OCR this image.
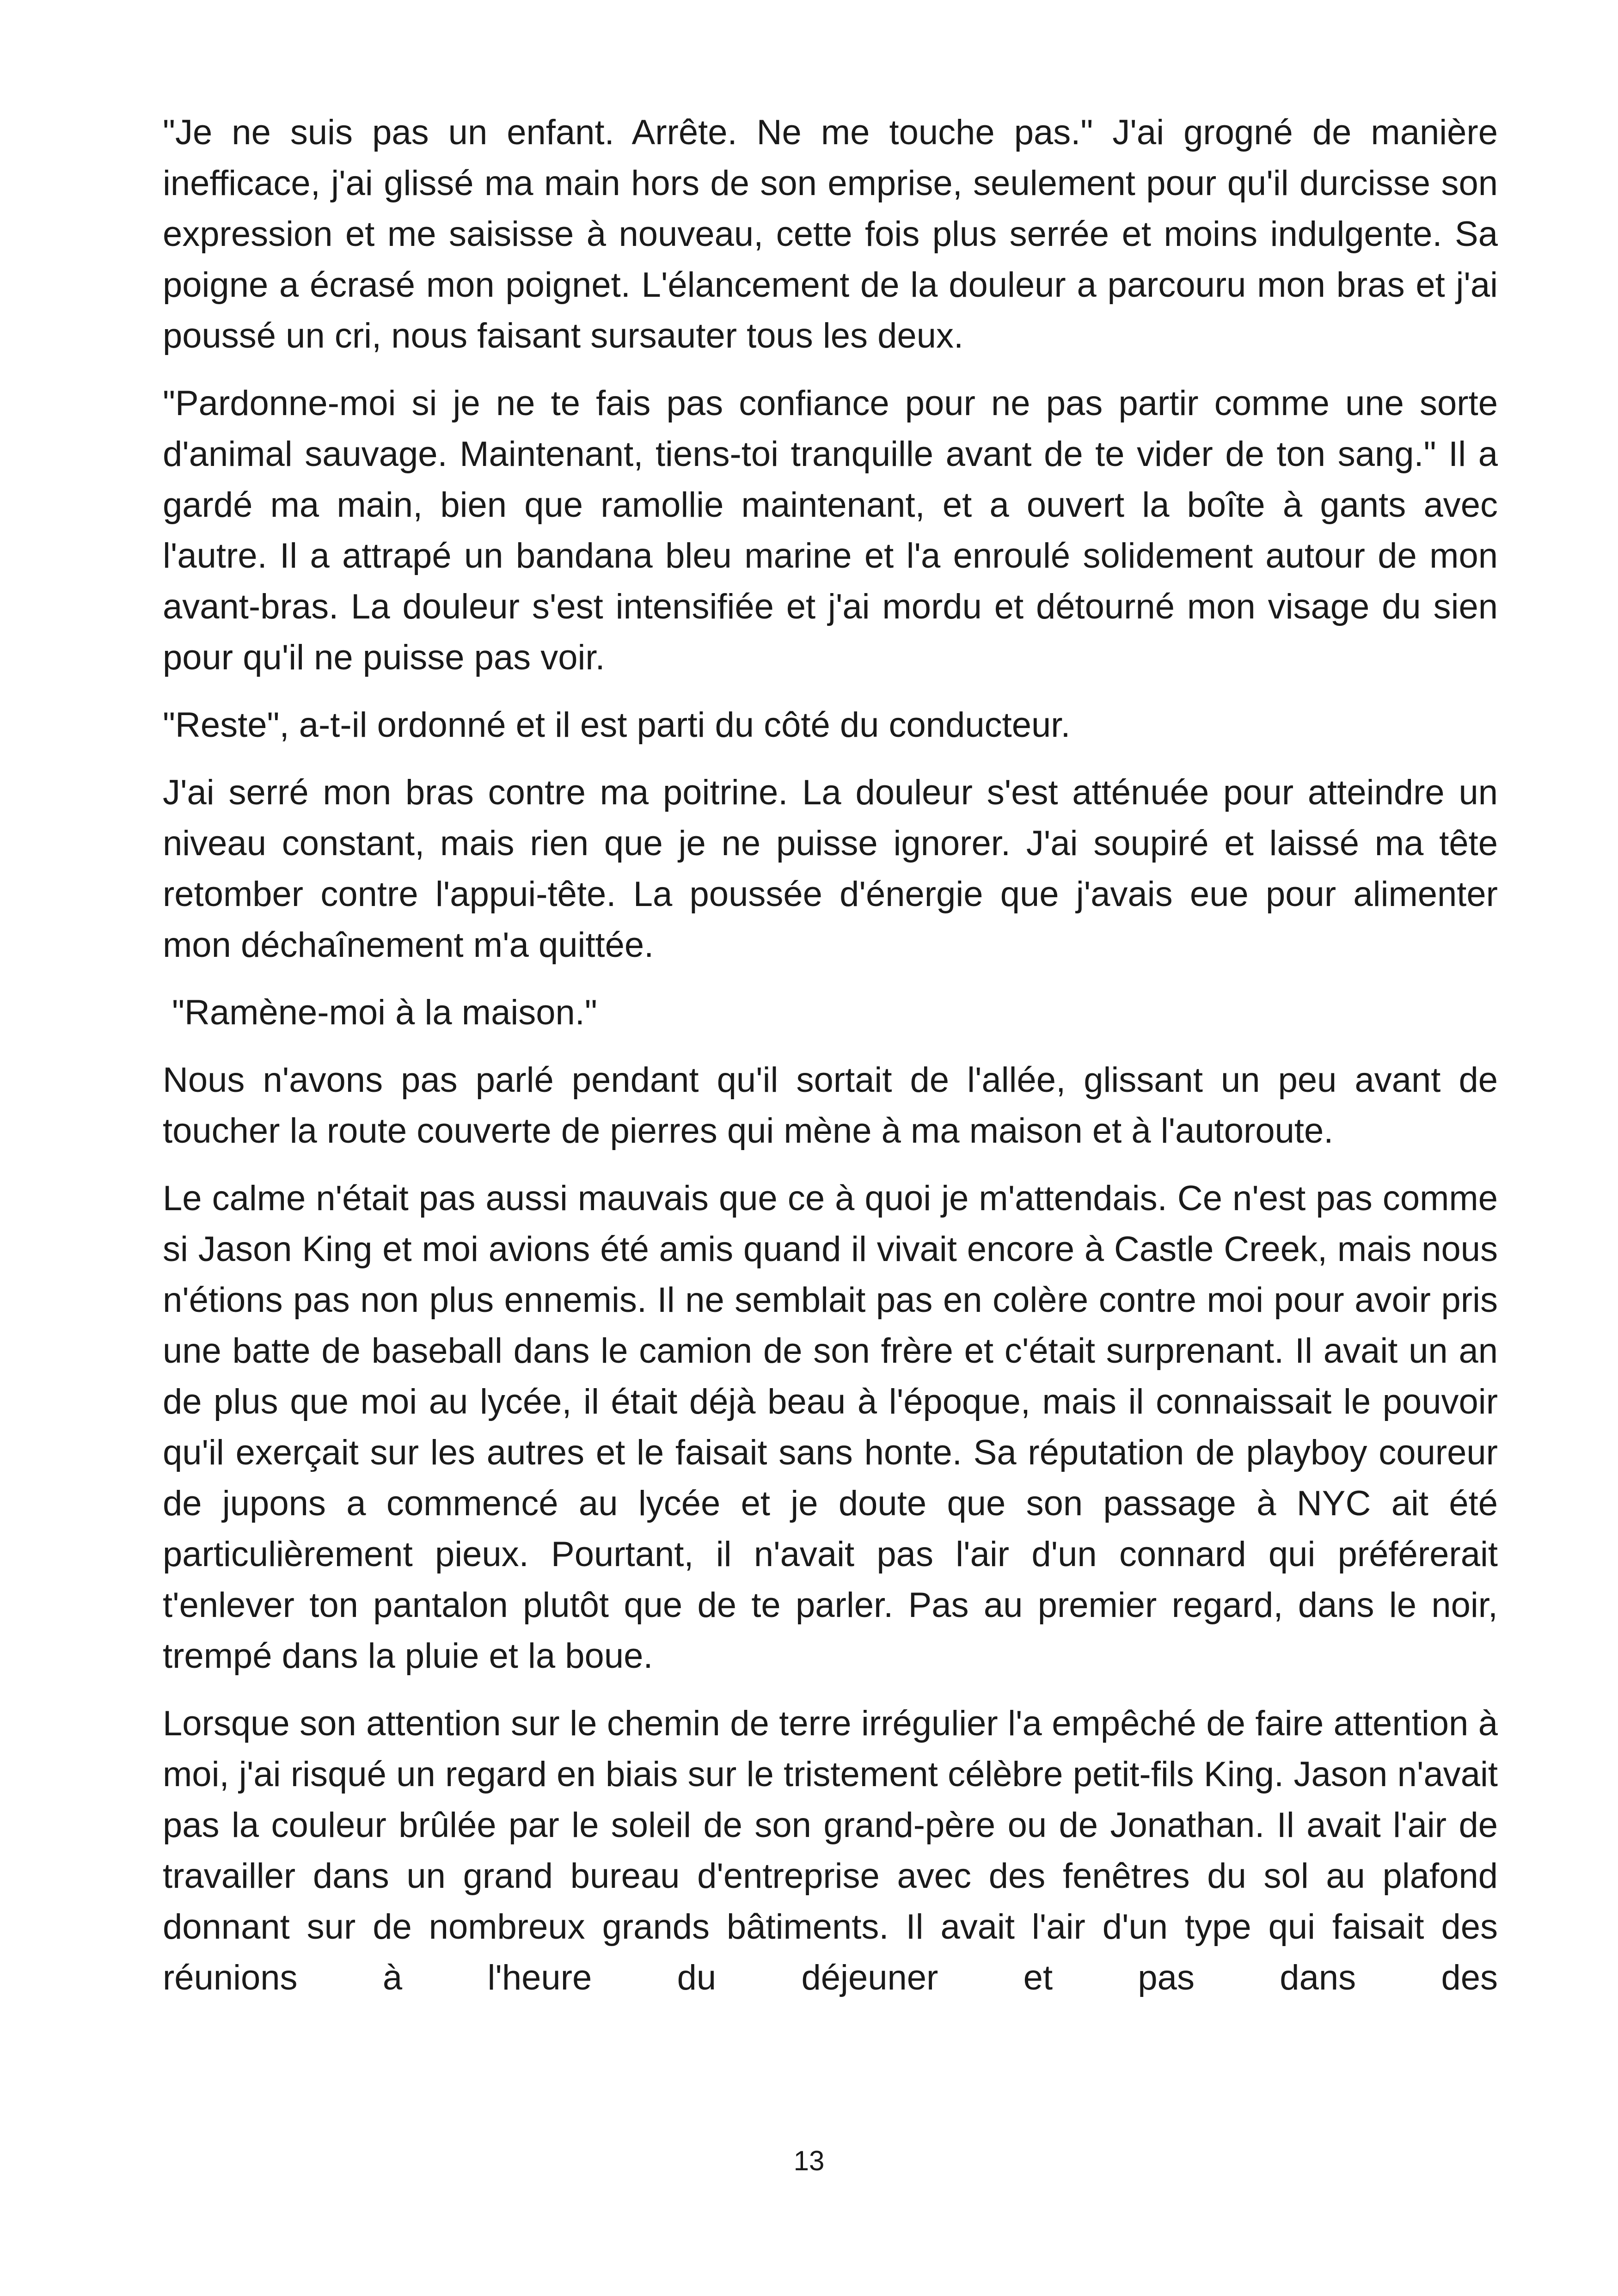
"Je ne suis pas un enfant. Arrête. Ne me touche pas." J'ai grogné de manière inefficace, j'ai glissé ma main hors de son emprise, seulement pour qu'il durcisse son expression et me saisisse à nouveau, cette fois plus serrée et moins indulgente. Sa poigne a écrasé mon poignet. L'élancement de la douleur a parcouru mon bras et j'ai poussé un cri, nous faisant sursauter tous les deux.

"Pardonne-moi si je ne te fais pas confiance pour ne pas partir comme une sorte d'animal sauvage. Maintenant, tiens-toi tranquille avant de te vider de ton sang." Il a gardé ma main, bien que ramollie maintenant, et a ouvert la boîte à gants avec l'autre. Il a attrapé un bandana bleu marine et l'a enroulé solidement autour de mon avant-bras. La douleur s'est intensifiée et j'ai mordu et détourné mon visage du sien pour qu'il ne puisse pas voir.

"Reste", a-t-il ordonné et il est parti du côté du conducteur.

J'ai serré mon bras contre ma poitrine. La douleur s'est atténuée pour atteindre un niveau constant, mais rien que je ne puisse ignorer. J'ai soupiré et laissé ma tête retomber contre l'appui-tête. La poussée d'énergie que j'avais eue pour alimenter mon déchaînement m'a quittée.

"Ramène-moi à la maison."

Nous n'avons pas parlé pendant qu'il sortait de l'allée, glissant un peu avant de toucher la route couverte de pierres qui mène à ma maison et à l'autoroute.

Le calme n'était pas aussi mauvais que ce à quoi je m'attendais. Ce n'est pas comme si Jason King et moi avions été amis quand il vivait encore à Castle Creek, mais nous n'étions pas non plus ennemis. Il ne semblait pas en colère contre moi pour avoir pris une batte de baseball dans le camion de son frère et c'était surprenant. Il avait un an de plus que moi au lycée, il était déjà beau à l'époque, mais il connaissait le pouvoir qu'il exerçait sur les autres et le faisait sans honte. Sa réputation de playboy coureur de jupons a commencé au lycée et je doute que son passage à NYC ait été particulièrement pieux. Pourtant, il n'avait pas l'air d'un connard qui préférerait t'enlever ton pantalon plutôt que de te parler. Pas au premier regard, dans le noir, trempé dans la pluie et la boue.

Lorsque son attention sur le chemin de terre irrégulier l'a empêché de faire attention à moi, j'ai risqué un regard en biais sur le tristement célèbre petit-fils King. Jason n'avait pas la couleur brûlée par le soleil de son grand-père ou de Jonathan. Il avait l'air de travailler dans un grand bureau d'entreprise avec des fenêtres du sol au plafond donnant sur de nombreux grands bâtiments. Il avait l'air d'un type qui faisait des réunions à l'heure du déjeuner et pas dans des

13
